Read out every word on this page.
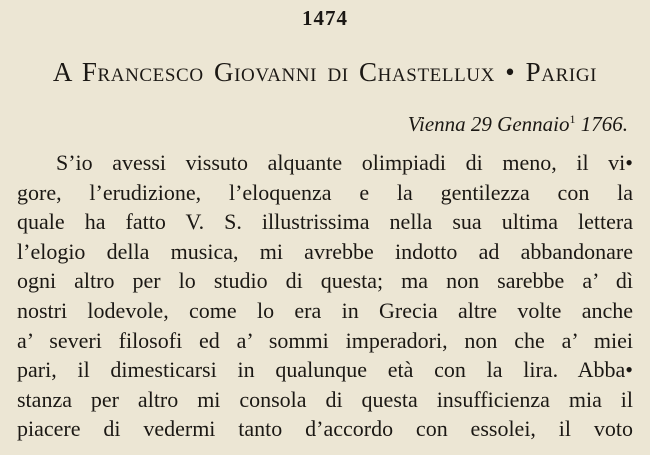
1474
A Francesco Giovanni di Chastellux • Parigi
Vienna 29 Gennaio$^1$ 1766.
S’io avessi vissuto alquante olimpiadi di meno, il vi•
gore, l’erudizione, l’eloquenza e la gentilezza con la
quale ha fatto V. S. illustrissima nella sua ultima lettera
l’elogio della musica, mi avrebbe indotto ad abbandonare
ogni altro per lo studio di questa; ma non sarebbe a’ dì
nostri lodevole, come lo era in Grecia altre volte anche
a’ severi filosofi ed a’ sommi imperadori, non che a’ miei
pari, il dimesticarsi in qualunque età con la lira. Abba•
stanza per altro mi consola di questa insufficienza mia il
piacere di vedermi tanto d’accordo con essolei, il voto
